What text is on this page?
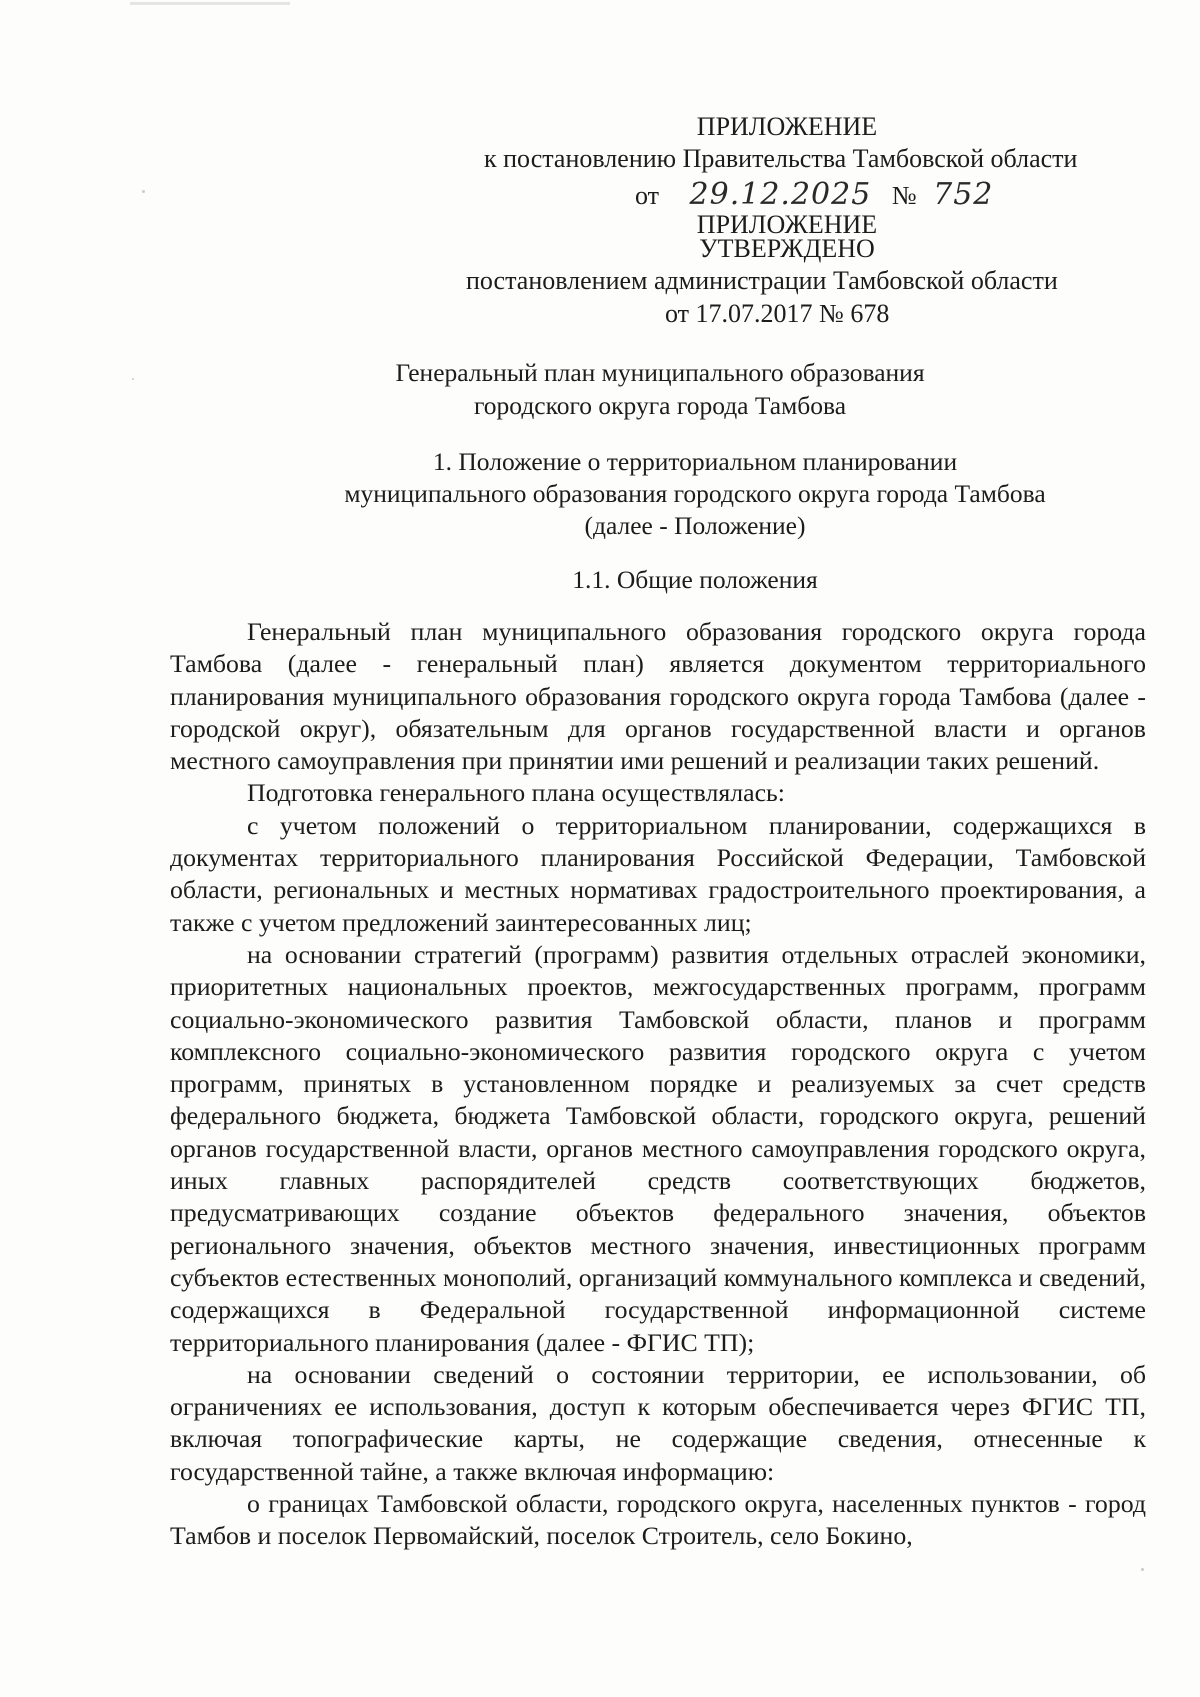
ПРИЛОЖЕНИЕ
к постановлению Правительства Тамбовской области
от 29.12.2025 № 752
ПРИЛОЖЕНИЕ
УТВЕРЖДЕНО
постановлением администрации Тамбовской области
от 17.07.2017 № 678
Генеральный план муниципального образования
городского округа города Тамбова
1. Положение о территориальном планировании
муниципального образования городского округа города Тамбова
(далее - Положение)
1.1. Общие положения

Генеральный план муниципального образования городского округа города Тамбова (далее - генеральный план) является документом территориального планирования муниципального образования городского округа города Тамбова (далее - городской округ), обязательным для органов государственной власти и органов местного самоуправления при принятии ими решений и реализации таких решений.

Подготовка генерального плана осуществлялась:

с учетом положений о территориальном планировании, содержащихся в документах территориального планирования Российской Федерации, Тамбовской области, региональных и местных нормативах градостроительного проектирования, а также с учетом предложений заинтересованных лиц;

на основании стратегий (программ) развития отдельных отраслей экономики, приоритетных национальных проектов, межгосударственных программ, программ социально-экономического развития Тамбовской области, планов и программ комплексного социально-экономического развития городского округа с учетом программ, принятых в установленном порядке и реализуемых за счет средств федерального бюджета, бюджета Тамбовской области, городского округа, решений органов государственной власти, органов местного самоуправления городского округа, иных главных распорядителей средств соответствующих бюджетов, предусматривающих создание объектов федерального значения, объектов регионального значения, объектов местного значения, инвестиционных программ субъектов естественных монополий, организаций коммунального комплекса и сведений, содержащихся в Федеральной государственной информационной системе территориального планирования (далее - ФГИС ТП);

на основании сведений о состоянии территории, ее использовании, об ограничениях ее использования, доступ к которым обеспечивается через ФГИС ТП, включая топографические карты, не содержащие сведения, отнесенные к государственной тайне, а также включая информацию:

о границах Тамбовской области, городского округа, населенных пунктов - город Тамбов и поселок Первомайский, поселок Строитель, село Бокино,
